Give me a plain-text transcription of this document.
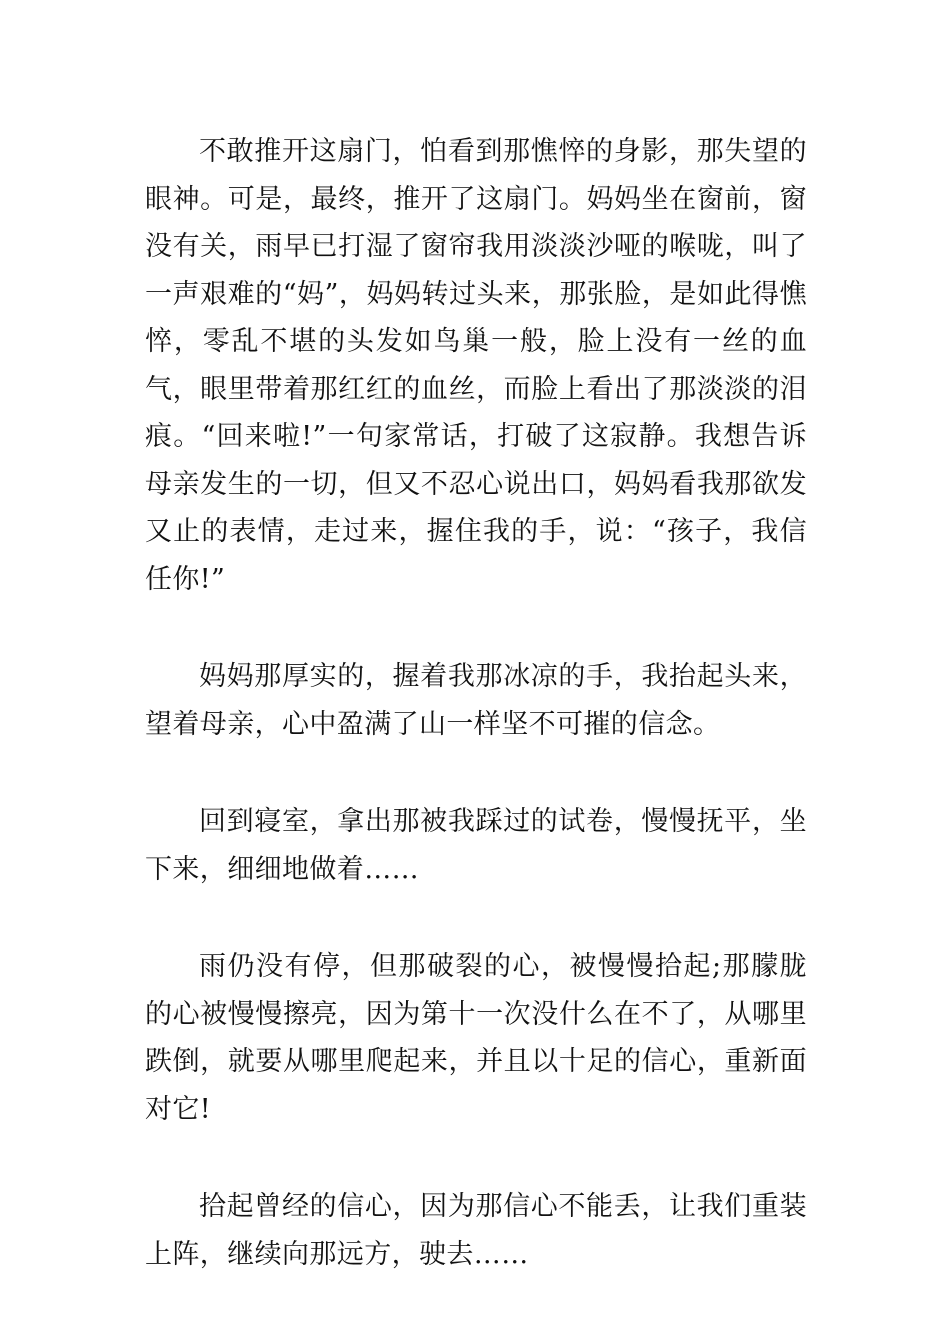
不敢推开这扇门，怕看到那憔悴的身影，那失望的眼神。可是，最终，推开了这扇门。妈妈坐在窗前，窗没有关，雨早已打湿了窗帘我用淡淡沙哑的喉咙，叫了一声艰难的“妈”，妈妈转过头来，那张脸，是如此得憔悴，零乱不堪的头发如鸟巢一般，脸上没有一丝的血气，眼里带着那红红的血丝，而脸上看出了那淡淡的泪痕。“回来啦!”一句家常话，打破了这寂静。我想告诉母亲发生的一切，但又不忍心说出口，妈妈看我那欲发又止的表情，走过来，握住我的手，说：“孩子，我信任你!”

妈妈那厚实的，握着我那冰凉的手，我抬起头来，望着母亲，心中盈满了山一样坚不可摧的信念。

回到寝室，拿出那被我踩过的试卷，慢慢抚平，坐下来，细细地做着……

雨仍没有停，但那破裂的心，被慢慢拾起;那朦胧的心被慢慢擦亮，因为第十一次没什么在不了，从哪里跌倒，就要从哪里爬起来，并且以十足的信心，重新面对它!

拾起曾经的信心，因为那信心不能丢，让我们重装上阵，继续向那远方，驶去……
